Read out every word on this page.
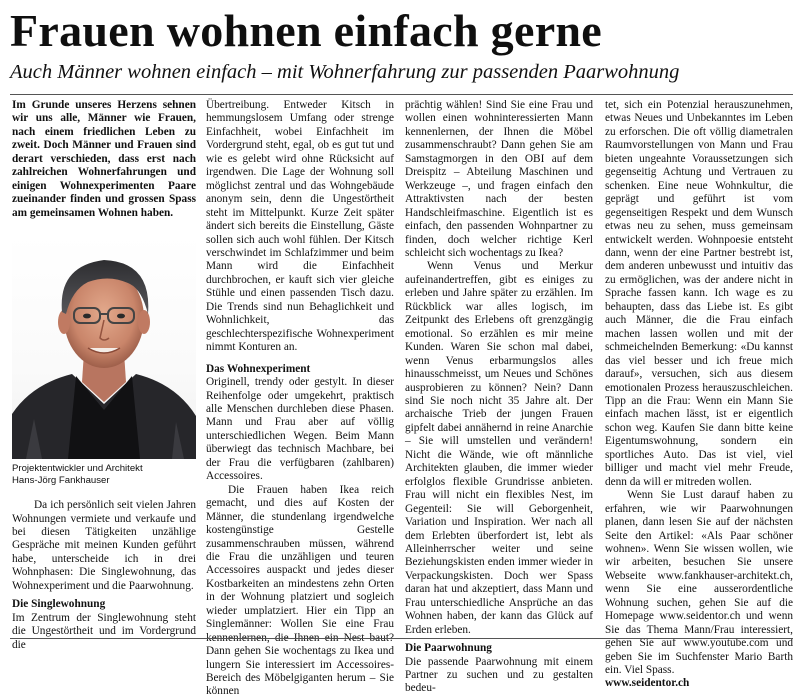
Frauen wohnen einfach gerne
Auch Männer wohnen einfach – mit Wohnerfahrung zur passenden Paarwohnung

Im Grunde unseres Herzens sehnen wir uns alle, Männer wie Frauen, nach einem friedlichen Leben zu zweit. Doch Männer und Frauen sind derart verschieden, dass erst nach zahlreichen Wohnerfahrungen und einigen Wohnexperimenten Paare zueinander finden und grossen Spass am gemeinsamen Wohnen haben.

Projektentwickler und Architekt
Hans-Jörg Fankhauser

Da ich persönlich seit vielen Jahren Wohnungen vermiete und verkaufe und bei diesen Tätigkeiten unzählige Gespräche mit meinen Kunden geführt habe, unterscheide ich in drei Wohnphasen: Die Singlewohnung, das Wohnexperiment und die Paarwohnung.

Die Singlewohnung

Im Zentrum der Singlewohnung steht die Ungestörtheit und im Vordergrund die

Übertreibung. Entweder Kitsch in hemmungslosem Umfang oder strenge Einfachheit, wobei Einfachheit im Vordergrund steht, egal, ob es gut tut und wie es gelebt wird ohne Rücksicht auf irgendwen. Die Lage der Wohnung soll möglichst zentral und das Wohngebäude anonym sein, denn die Ungestörtheit steht im Mittelpunkt. Kurze Zeit später ändert sich bereits die Einstellung, Gäste sollen sich auch wohl fühlen. Der Kitsch verschwindet im Schlafzimmer und beim Mann wird die Einfachheit durchbrochen, er kauft sich vier gleiche Stühle und einen passenden Tisch dazu. Die Trends sind nun Behaglichkeit und Wohnlichkeit, das geschlechterspezifische Wohnexperiment nimmt Konturen an.

Das Wohnexperiment

Originell, trendy oder gestylt. In dieser Reihenfolge oder umgekehrt, praktisch alle Menschen durchleben diese Phasen. Mann und Frau aber auf völlig unterschiedlichen Wegen. Beim Mann überwiegt das technisch Machbare, bei der Frau die verfügbaren (zahlbaren) Accessoires.

Die Frauen haben Ikea reich gemacht, und dies auf Kosten der Männer, die stundenlang irgendwelche kostengünstige Gestelle zusammenschrauben müssen, während die Frau die unzähligen und teuren Accessoires auspackt und jedes dieser Kostbarkeiten an mindestens zehn Orten in der Wohnung platziert und sogleich wieder umplatziert. Hier ein Tipp an Singlemänner: Wollen Sie eine Frau kennenlernen, die Ihnen ein Nest baut? Dann gehen Sie wochentags zu Ikea und lungern Sie interessiert im Accessoires-Bereich des Möbelgiganten herum – Sie können

prächtig wählen! Sind Sie eine Frau und wollen einen wohninteressierten Mann kennenlernen, der Ihnen die Möbel zusammenschraubt? Dann gehen Sie am Samstagmorgen in den OBI auf dem Dreispitz – Abteilung Maschinen und Werkzeuge –, und fragen einfach den Attraktivsten nach der besten Handschleifmaschine. Eigentlich ist es einfach, den passenden Wohnpartner zu finden, doch welcher richtige Kerl schleicht sich wochentags zu Ikea?

Wenn Venus und Merkur aufeinandertreffen, gibt es einiges zu erleben und Jahre später zu erzählen. Im Rückblick war alles logisch, im Zeitpunkt des Erlebens oft grenzgängig emotional. So erzählen es mir meine Kunden. Waren Sie schon mal dabei, wenn Venus erbarmungslos alles hinausschmeisst, um Neues und Schönes ausprobieren zu können? Nein? Dann sind Sie noch nicht 35 Jahre alt. Der archaische Trieb der jungen Frauen gipfelt dabei annähernd in reine Anarchie – Sie will umstellen und verändern! Nicht die Wände, wie oft männliche Architekten glauben, die immer wieder erfolglos flexible Grundrisse anbieten. Frau will nicht ein flexibles Nest, im Gegenteil: Sie will Geborgenheit, Variation und Inspiration. Wer nach all dem Erlebten überfordert ist, lebt als Alleinherrscher weiter und seine Beziehungskisten enden immer wieder in Verpackungskisten. Doch wer Spass daran hat und akzeptiert, dass Mann und Frau unterschiedliche Ansprüche an das Wohnen haben, der kann das Glück auf Erden erleben.

Die Paarwohnung

Die passende Paarwohnung mit einem Partner zu suchen und zu gestalten bedeu-

tet, sich ein Potenzial herauszunehmen, etwas Neues und Unbekanntes im Leben zu erforschen. Die oft völlig diametralen Raumvorstellungen von Mann und Frau bieten ungeahnte Voraussetzungen sich gegenseitig Achtung und Vertrauen zu schenken. Eine neue Wohnkultur, die geprägt und geführt ist vom gegenseitigen Respekt und dem Wunsch etwas neu zu sehen, muss gemeinsam entwickelt werden. Wohnpoesie entsteht dann, wenn der eine Partner bestrebt ist, dem anderen unbewusst und intuitiv das zu ermöglichen, was der andere nicht in Sprache fassen kann. Ich wage es zu behaupten, dass das Liebe ist. Es gibt auch Männer, die die Frau einfach machen lassen wollen und mit der schmeichelnden Bemerkung: «Du kannst das viel besser und ich freue mich darauf», versuchen, sich aus diesem emotionalen Prozess herauszuschleichen. Tipp an die Frau: Wenn ein Mann Sie einfach machen lässt, ist er eigentlich schon weg. Kaufen Sie dann bitte keine Eigentumswohnung, sondern ein sportliches Auto. Das ist viel, viel billiger und macht viel mehr Freude, denn da will er mitreden wollen.

Wenn Sie Lust darauf haben zu erfahren, wie wir Paarwohnungen planen, dann lesen Sie auf der nächsten Seite den Artikel: «Als Paar schöner wohnen». Wenn Sie wissen wollen, wie wir arbeiten, besuchen Sie unsere Webseite www.fankhauser-architekt.ch, wenn Sie eine ausserordentliche Wohnung suchen, gehen Sie auf die Homepage www.seidentor.ch und wenn Sie das Thema Mann/Frau interessiert, gehen Sie auf www.youtube.com und geben Sie im Suchfenster Mario Barth ein. Viel Spass.

www.seidentor.ch
